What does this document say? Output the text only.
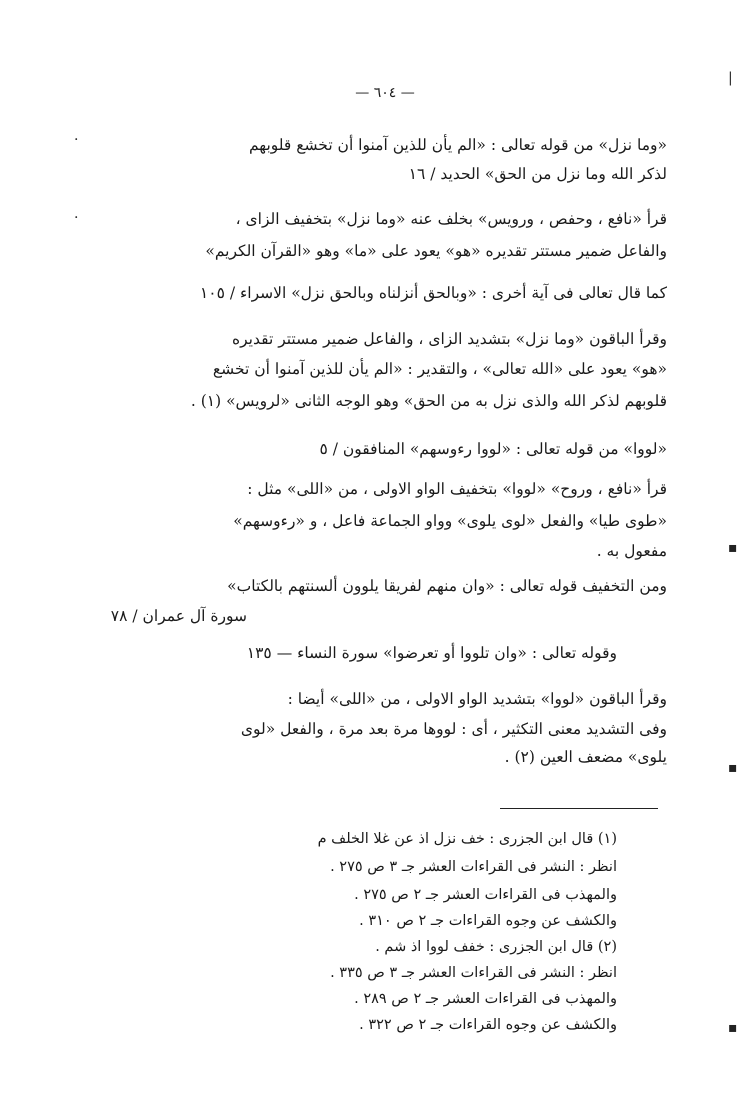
— ٦٠٤ —
«وما نزل» من قوله تعالى : «الم يأن للذين آمنوا أن تخشع قلوبهم
لذكر الله وما نزل من الحق» الحديد / ١٦
قرأ «نافع ، وحفص ، ورويس» بخلف عنه «وما نزل» بتخفيف الزاى ،
والفاعل ضمير مستتر تقديره «هو» يعود على «ما» وهو «القرآن الكريم»
كما قال تعالى فى آية أخرى : «وبالحق أنزلناه وبالحق نزل» الاسراء / ١٠٥
وقرأ الباقون «وما نزل» بتشديد الزاى ، والفاعل ضمير مستتر تقديره
«هو» يعود على «الله تعالى» ، والتقدير : «الم يأن للذين آمنوا أن تخشع
قلوبهم لذكر الله والذى نزل به من الحق» وهو الوجه الثانى «لرويس» (١) .
«لووا» من قوله تعالى : «لووا رءوسهم» المنافقون / ٥
قرأ «نافع ، وروح» «لووا» بتخفيف الواو الاولى ، من «اللى» مثل :
«طوى طيا» والفعل «لوى يلوى» وواو الجماعة فاعل ، و «رءوسهم»
مفعول به .
ومن التخفيف قوله تعالى : «وان منهم لفريقا يلوون ألسنتهم بالكتاب»
سورة آل عمران / ٧٨
وقوله تعالى : «وان تلووا أو تعرضوا» سورة النساء — ١٣٥
وقرأ الباقون «لووا» بتشديد الواو الاولى ، من «اللى» أيضا :
وفى التشديد معنى التكثير ، أى : لووها مرة بعد مرة ، والفعل «لوى
يلوى» مضعف العين (٢) .
(١) قال ابن الجزرى : خف نزل اذ عن غلا الخلف م
انظر : النشر فى القراءات العشر جـ ٣ ص ٢٧٥ .
والمهذب فى القراءات العشر جـ ٢ ص ٢٧٥ .
والكشف عن وجوه القراءات جـ ٢ ص ٣١٠ .
(٢) قال ابن الجزرى : خفف لووا اذ شم .
انظر : النشر فى القراءات العشر جـ ٣ ص ٣٣٥ .
والمهذب فى القراءات العشر جـ ٢ ص ٢٨٩ .
والكشف عن وجوه القراءات جـ ٢ ص ٣٢٢ .
.
.
|
▪
▪
▪
